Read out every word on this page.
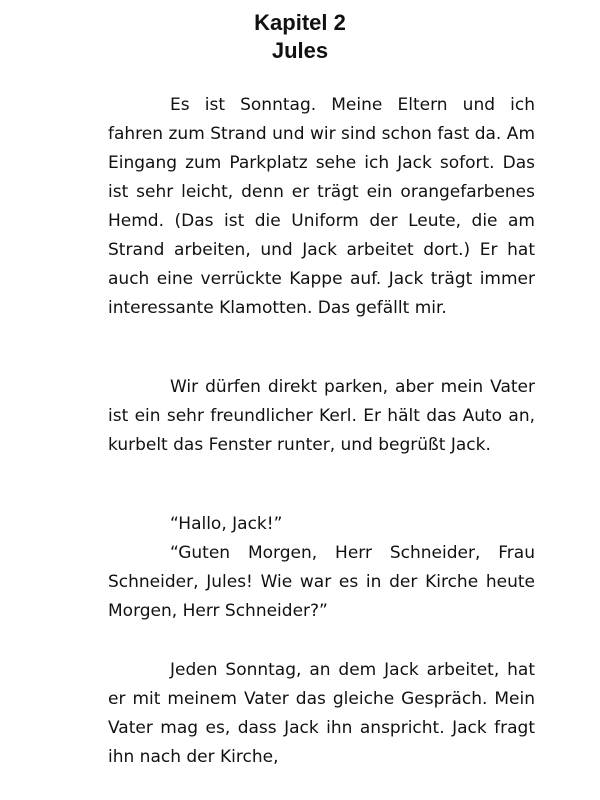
Kapitel 2
Jules

Es ist Sonntag. Meine Eltern und ich fahren zum Strand und wir sind schon fast da. Am Eingang zum Parkplatz sehe ich Jack sofort. Das ist sehr leicht, denn er trägt ein orangefarbenes Hemd. (Das ist die Uniform der Leute, die am Strand arbeiten, und Jack arbeitet dort.) Er hat auch eine verrückte Kappe auf. Jack trägt immer interessante Klamotten. Das gefällt mir.

Wir dürfen direkt parken, aber mein Vater ist ein sehr freundlicher Kerl. Er hält das Auto an, kurbelt das Fenster runter, und begrüßt Jack.

“Hallo, Jack!”

“Guten Morgen, Herr Schneider, Frau Schneider, Jules! Wie war es in der Kirche heute Morgen, Herr Schneider?”

Jeden Sonntag, an dem Jack arbeitet, hat er mit meinem Vater das gleiche Gespräch. Mein Vater mag es, dass Jack ihn anspricht. Jack fragt ihn nach der Kirche,
